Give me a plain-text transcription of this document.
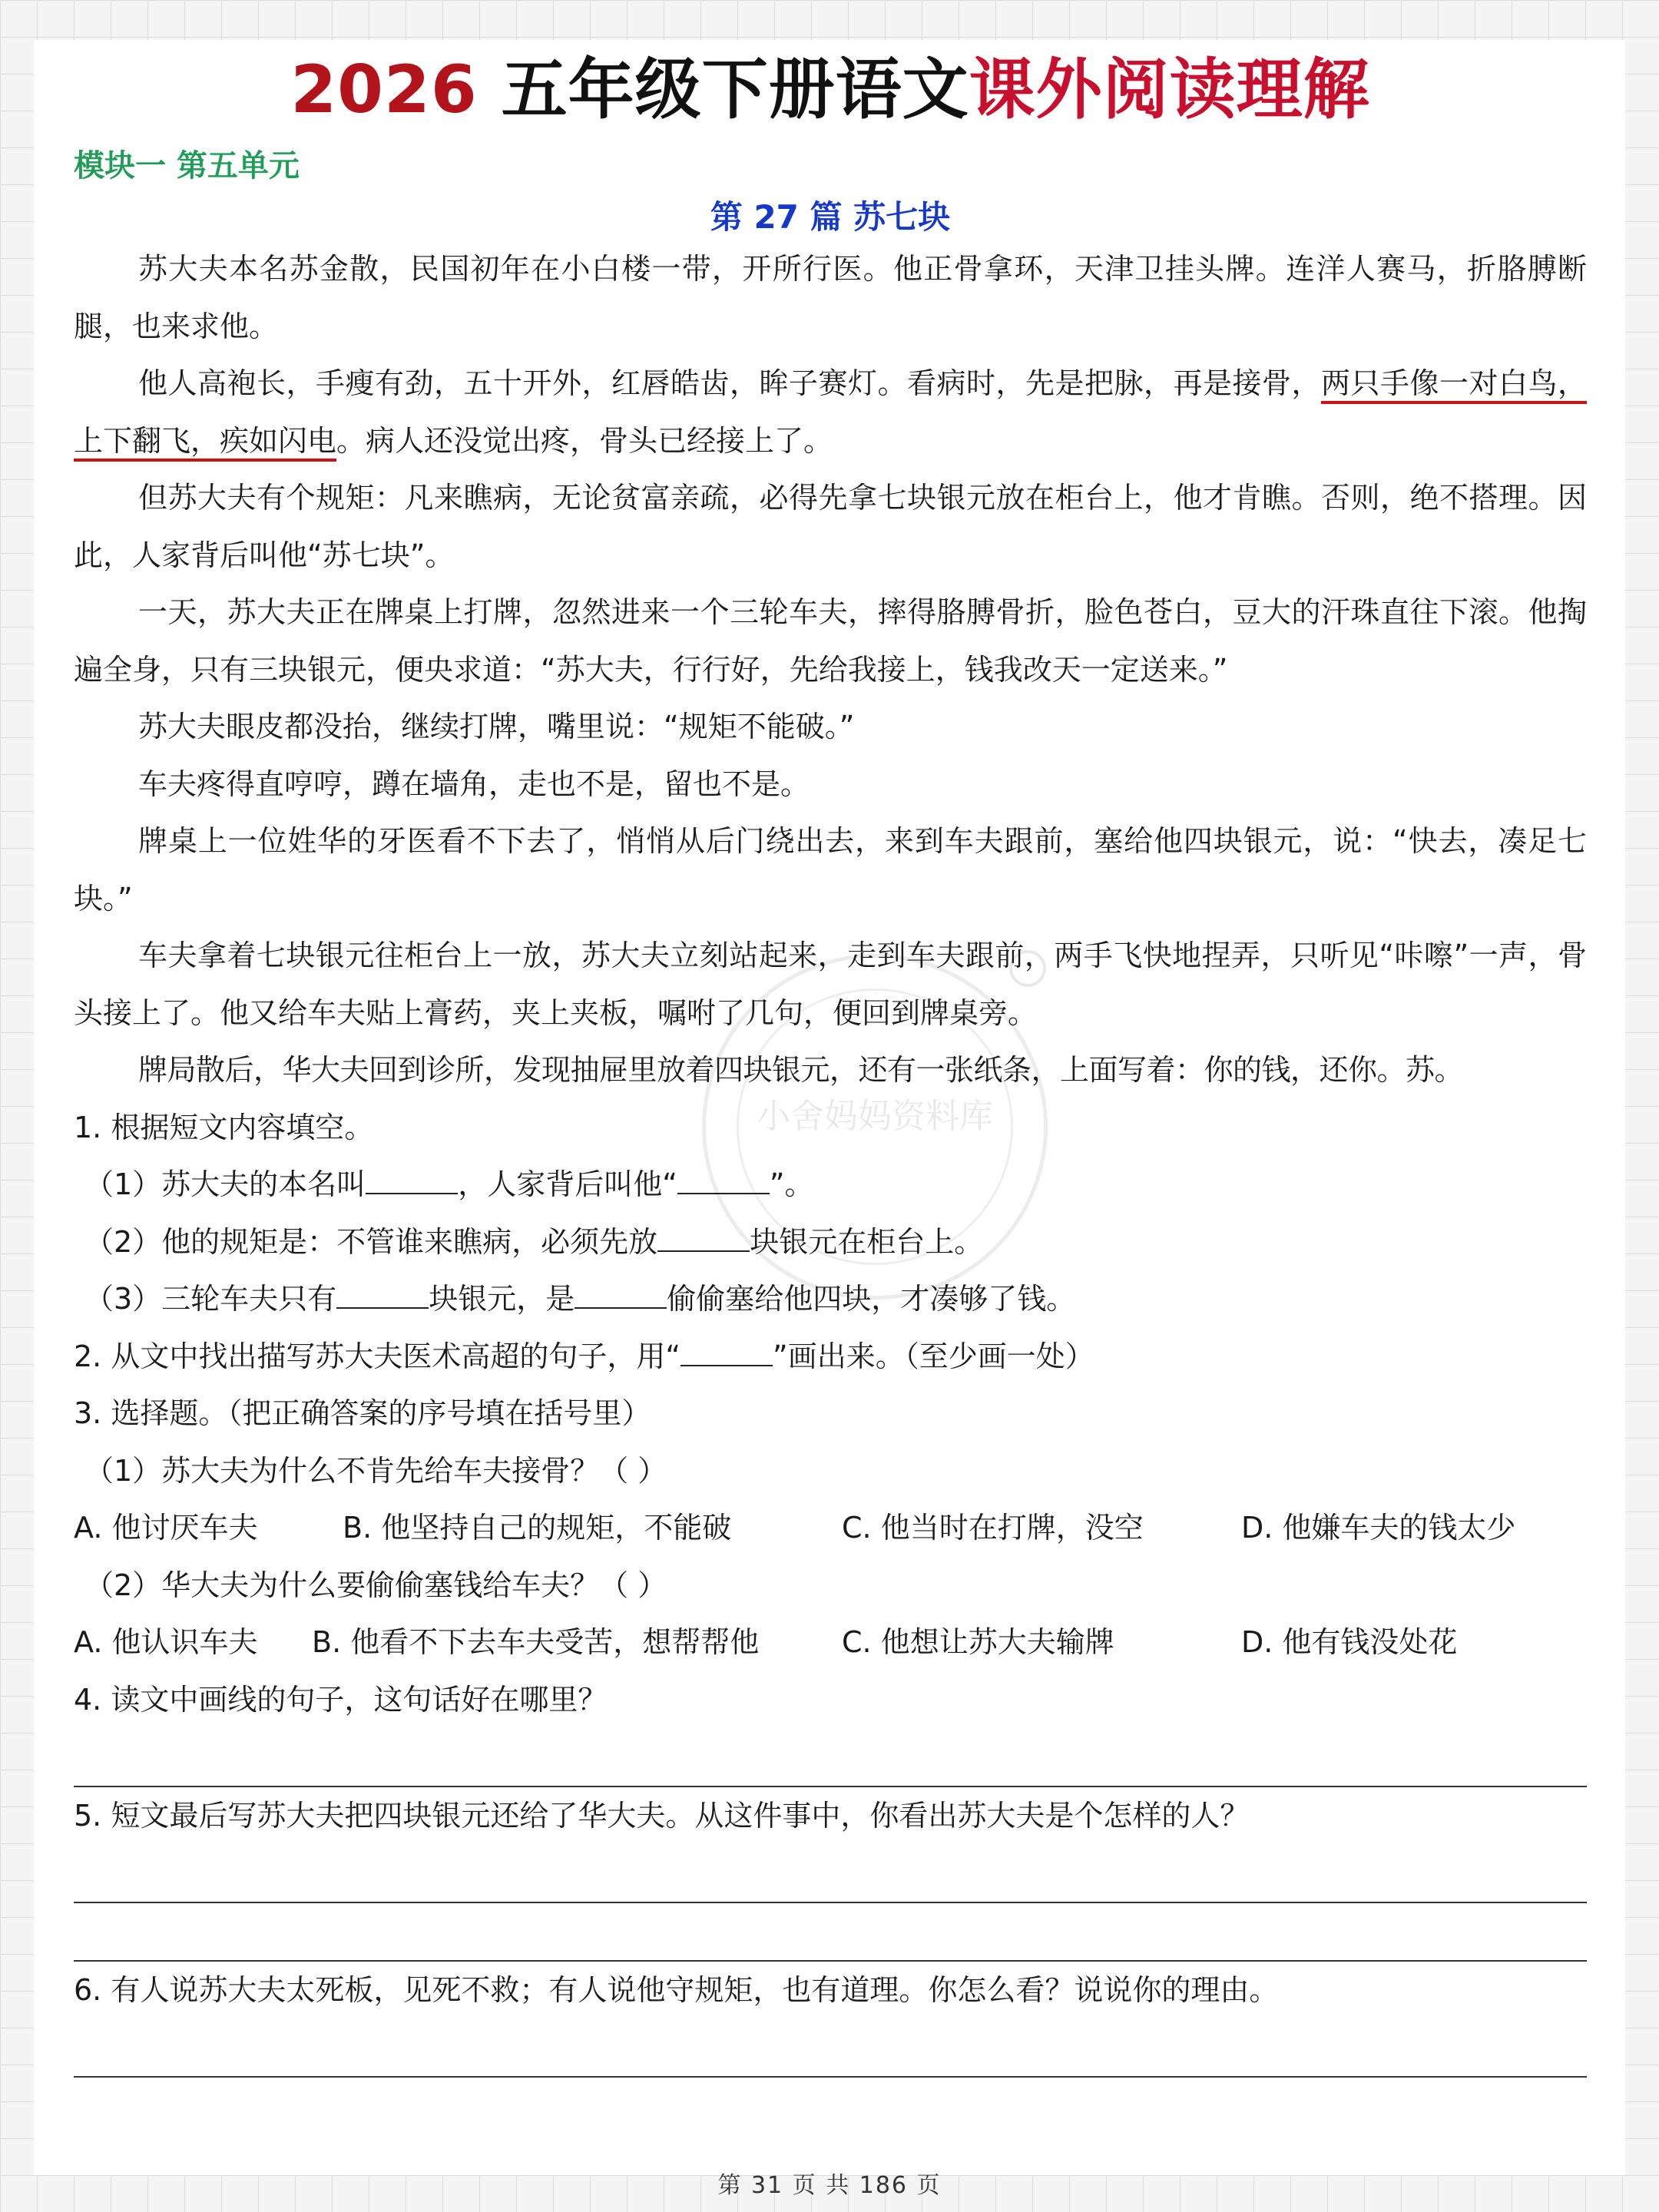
小舍妈妈资料库
2026 五年级下册语文课外阅读理解
模块一 第五单元
第 27 篇 苏七块

苏大夫本名苏金散，民国初年在小白楼一带，开所行医。他正骨拿环，天津卫挂头牌。连洋人赛马，折胳膊断腿，也来求他。

他人高袍长，手瘦有劲，五十开外，红唇皓齿，眸子赛灯。看病时，先是把脉，再是接骨，两只手像一对白鸟，上下翻飞，疾如闪电。病人还没觉出疼，骨头已经接上了。

但苏大夫有个规矩：凡来瞧病，无论贫富亲疏，必得先拿七块银元放在柜台上，他才肯瞧。否则，绝不搭理。因此，人家背后叫他“苏七块”。

一天，苏大夫正在牌桌上打牌，忽然进来一个三轮车夫，摔得胳膊骨折，脸色苍白，豆大的汗珠直往下滚。他掏遍全身，只有三块银元，便央求道：“苏大夫，行行好，先给我接上，钱我改天一定送来。”

苏大夫眼皮都没抬，继续打牌，嘴里说：“规矩不能破。”

车夫疼得直哼哼，蹲在墙角，走也不是，留也不是。

牌桌上一位姓华的牙医看不下去了，悄悄从后门绕出去，来到车夫跟前，塞给他四块银元，说：“快去，凑足七块。”

车夫拿着七块银元往柜台上一放，苏大夫立刻站起来，走到车夫跟前，两手飞快地捏弄，只听见“咔嚓”一声，骨头接上了。他又给车夫贴上膏药，夹上夹板，嘱咐了几句，便回到牌桌旁。

牌局散后，华大夫回到诊所，发现抽屉里放着四块银元，还有一张纸条，上面写着：你的钱，还你。苏。

1. 根据短文内容填空。

（1）苏大夫的本名叫	，人家背后叫他“	”。

（2）他的规矩是：不管谁来瞧病，必须先放	块银元在柜台上。

（3）三轮车夫只有	块银元，是	偷偷塞给他四块，才凑够了钱。

2. 从文中找出描写苏大夫医术高超的句子，用“	”画出来。（至少画一处）

3. 选择题。（把正确答案的序号填在括号里）

（1）苏大夫为什么不肯先给车夫接骨？（ ）

A. 他讨厌车夫	B. 他坚持自己的规矩，不能破	C. 他当时在打牌，没空	D. 他嫌车夫的钱太少

（2）华大夫为什么要偷偷塞钱给车夫？（ ）

A. 他认识车夫	B. 他看不下去车夫受苦，想帮帮他	C. 他想让苏大夫输牌	D. 他有钱没处花

4. 读文中画线的句子，这句话好在哪里？

5. 短文最后写苏大夫把四块银元还给了华大夫。从这件事中，你看出苏大夫是个怎样的人？

6. 有人说苏大夫太死板，见死不救；有人说他守规矩，也有道理。你怎么看？说说你的理由。

第 31 页 共 186 页
